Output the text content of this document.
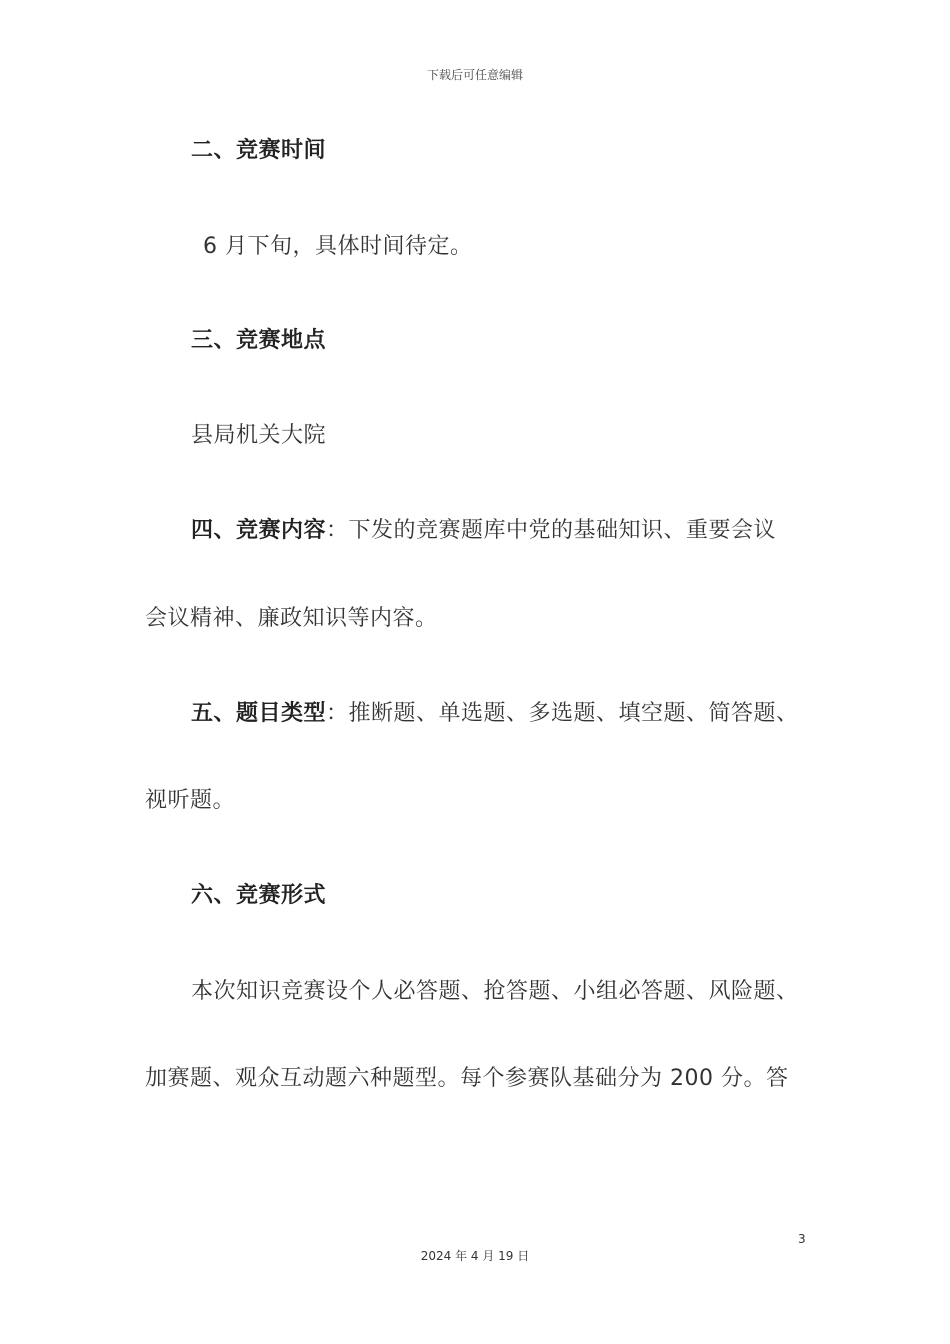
下载后可任意编辑
二、竞赛时间
6 月下旬，具体时间待定。
三、竞赛地点
县局机关大院
四、竞赛内容：下发的竞赛题库中党的基础知识、重要会议
会议精神、廉政知识等内容。
五、题目类型：推断题、单选题、多选题、填空题、简答题、
视听题。
六、竞赛形式
本次知识竞赛设个人必答题、抢答题、小组必答题、风险题、
加赛题、观众互动题六种题型。每个参赛队基础分为 200 分。答
3
2024 年 4 月 19 日
